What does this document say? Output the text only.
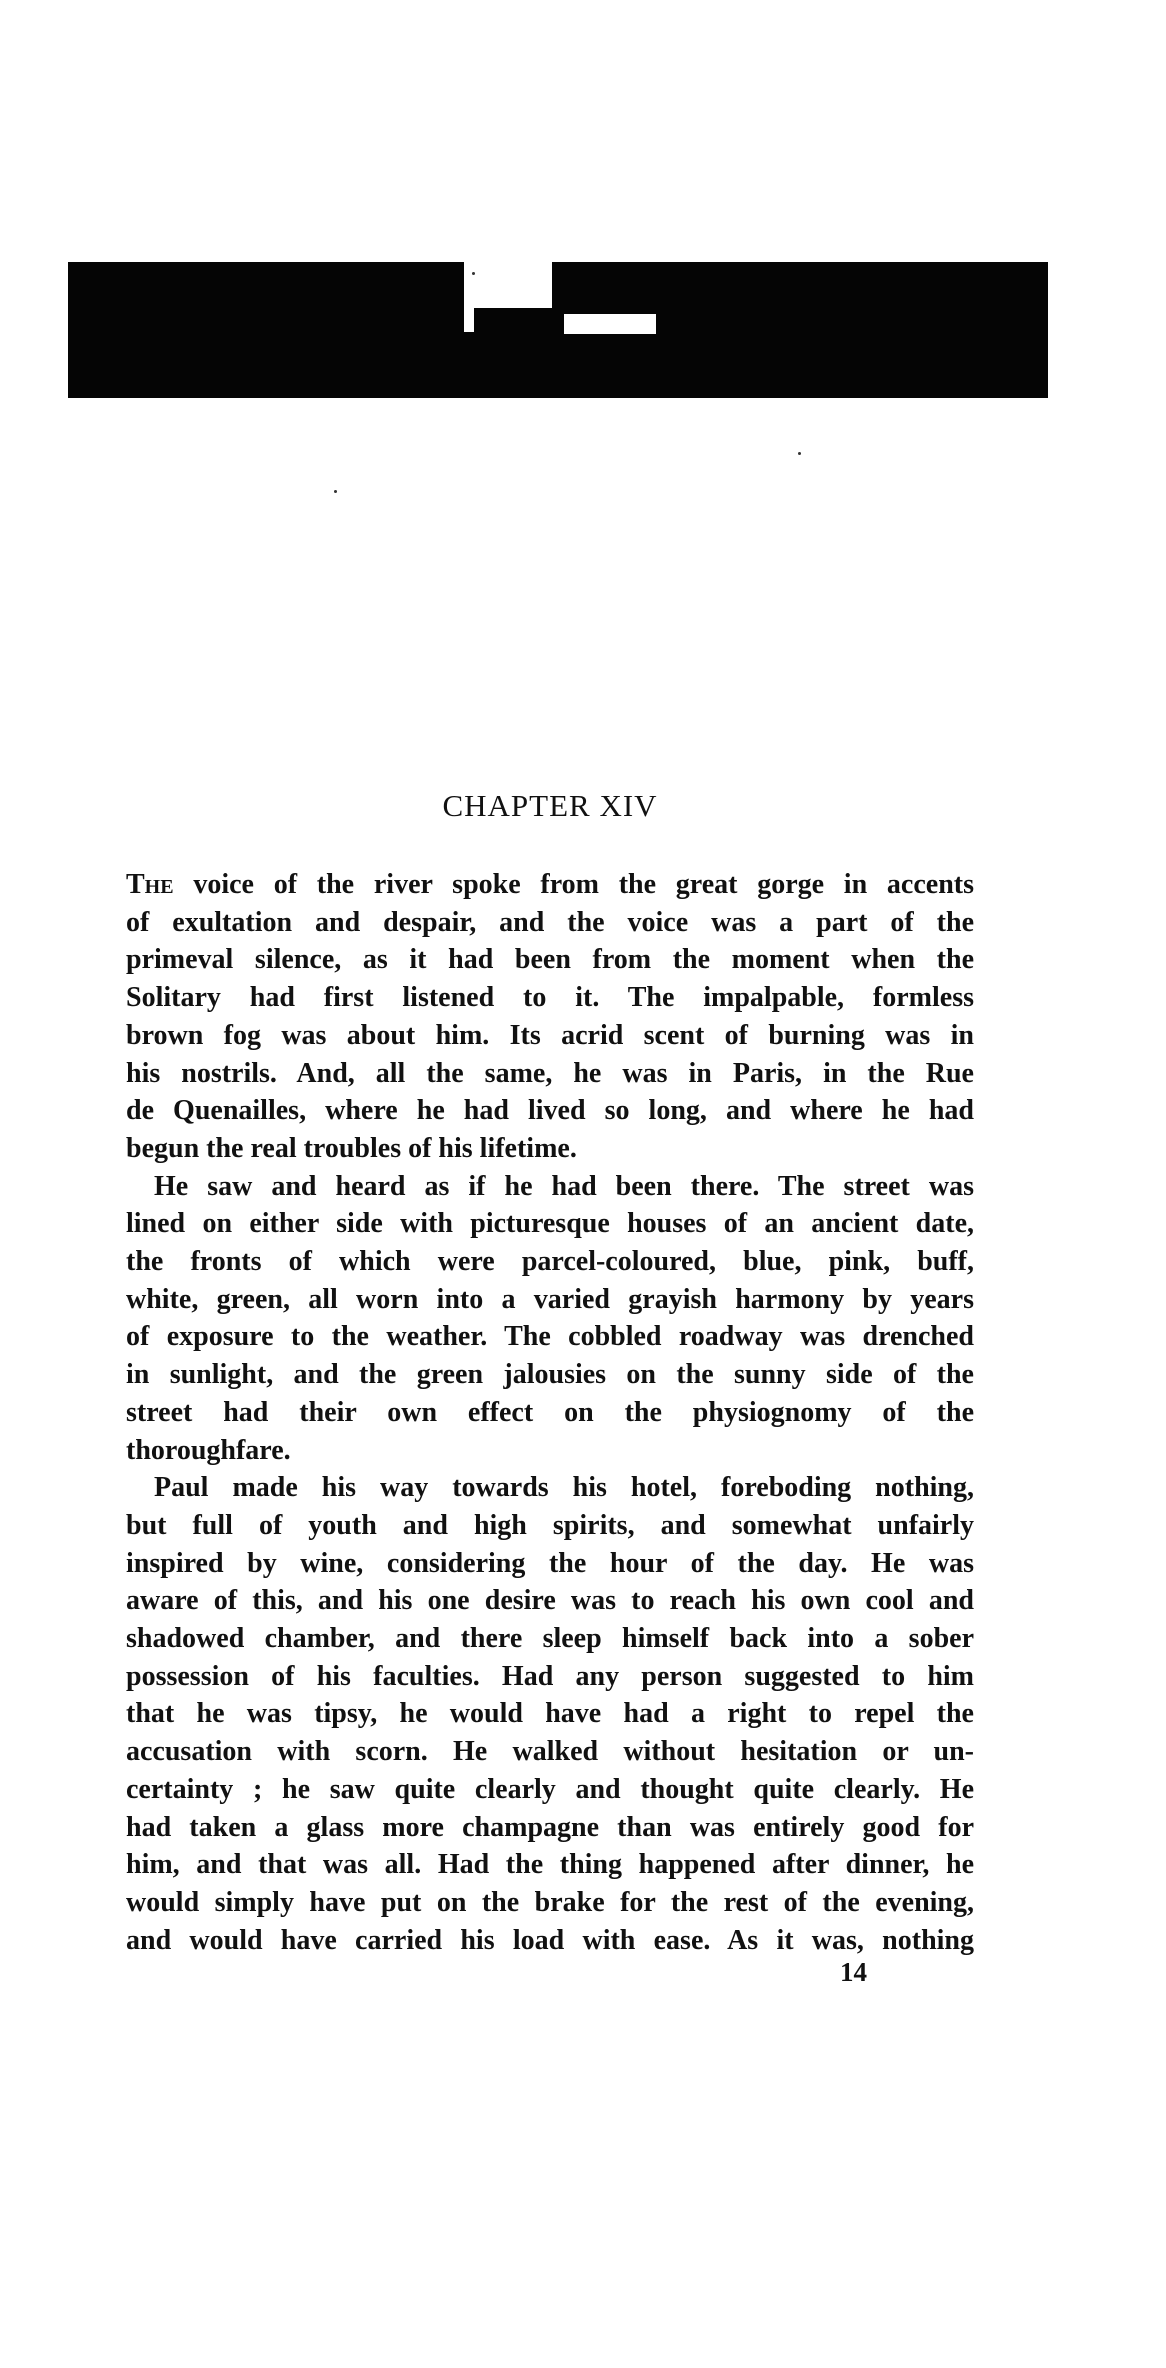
CHAPTER XIV

The voice of the river spoke from the great gorge in accents
of exultation and despair, and the voice was a part of the
primeval silence, as it had been from the moment when the
Solitary had first listened to it. The impalpable, formless
brown fog was about him. Its acrid scent of burning was in
his nostrils. And, all the same, he was in Paris, in the Rue
de Quenailles, where he had lived so long, and where he had
begun the real troubles of his lifetime.

He saw and heard as if he had been there. The street was
lined on either side with picturesque houses of an ancient date,
the fronts of which were parcel-coloured, blue, pink, buff,
white, green, all worn into a varied grayish harmony by years
of exposure to the weather. The cobbled roadway was drenched
in sunlight, and the green jalousies on the sunny side of the
street had their own effect on the physiognomy of the
thoroughfare.

Paul made his way towards his hotel, foreboding nothing,
but full of youth and high spirits, and somewhat unfairly
inspired by wine, considering the hour of the day. He was
aware of this, and his one desire was to reach his own cool and
shadowed chamber, and there sleep himself back into a sober
possession of his faculties. Had any person suggested to him
that he was tipsy, he would have had a right to repel the
accusation with scorn. He walked without hesitation or un-
certainty ; he saw quite clearly and thought quite clearly. He
had taken a glass more champagne than was entirely good for
him, and that was all. Had the thing happened after dinner, he
would simply have put on the brake for the rest of the evening,
and would have carried his load with ease. As it was, nothing

14
